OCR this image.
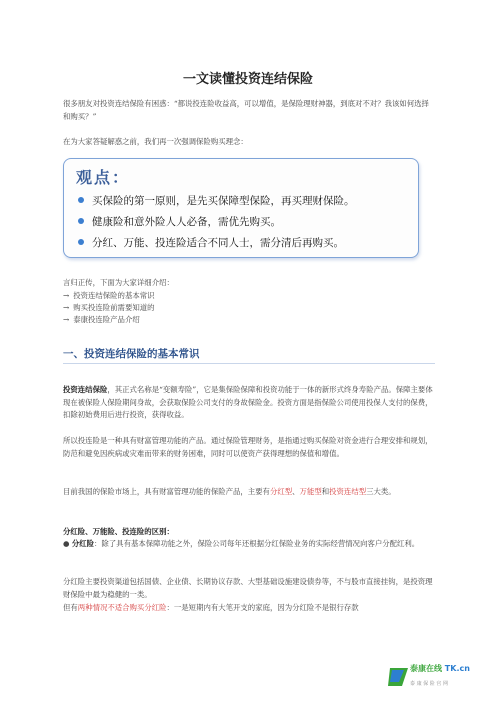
一文读懂投资连结保险
很多朋友对投资连结保险有困惑：“都说投连险收益高，可以增值，是保险理财神器，到底对不对？我该如何选择和购买？”
在为大家答疑解惑之前，我们再一次强调保险购买理念：
观点：
买保险的第一原则，是先买保障型保险，再买理财保险。
健康险和意外险人人必备，需优先购买。
分红、万能、投连险适合不同人士，需分清后再购买。
言归正传，下面为大家详细介绍：
→ 投资连结保险的基本常识
→ 购买投连险前需要知道的
→ 泰康投连险产品介绍
一、投资连结保险的基本常识
投资连结保险，其正式名称是“变额寿险”，它是集保险保障和投资功能于一体的新形式终身寿险产品。保障主要体现在被保险人保险期间身故，会获取保险公司支付的身故保险金。投资方面是指保险公司使用投保人支付的保费，扣除初始费用后进行投资，获得收益。
所以投连险是一种具有财富管理功能的产品。通过保险管理财务，是指通过购买保险对资金进行合理安排和规划，防范和避免因疾病或灾难而带来的财务困难，同时可以使资产获得理想的保值和增值。
目前我国的保险市场上，具有财富管理功能的保险产品，主要有分红型、万能型和投资连结型三大类。
分红险、万能险、投连险的区别：
● 分红险：除了具有基本保障功能之外，保险公司每年还根据分红保险业务的实际经营情况向客户分配红利。
分红险主要投资渠道包括国债、企业债、长期协议存款、大型基础设施建设债券等，不与股市直接挂钩，是投资理财保险中最为稳健的一类。
但有两种情况不适合购买分红险：一是短期内有大笔开支的家庭，因为分红险不是银行存款
泰康在线 TK.cn
泰 康 保 险 官 网
